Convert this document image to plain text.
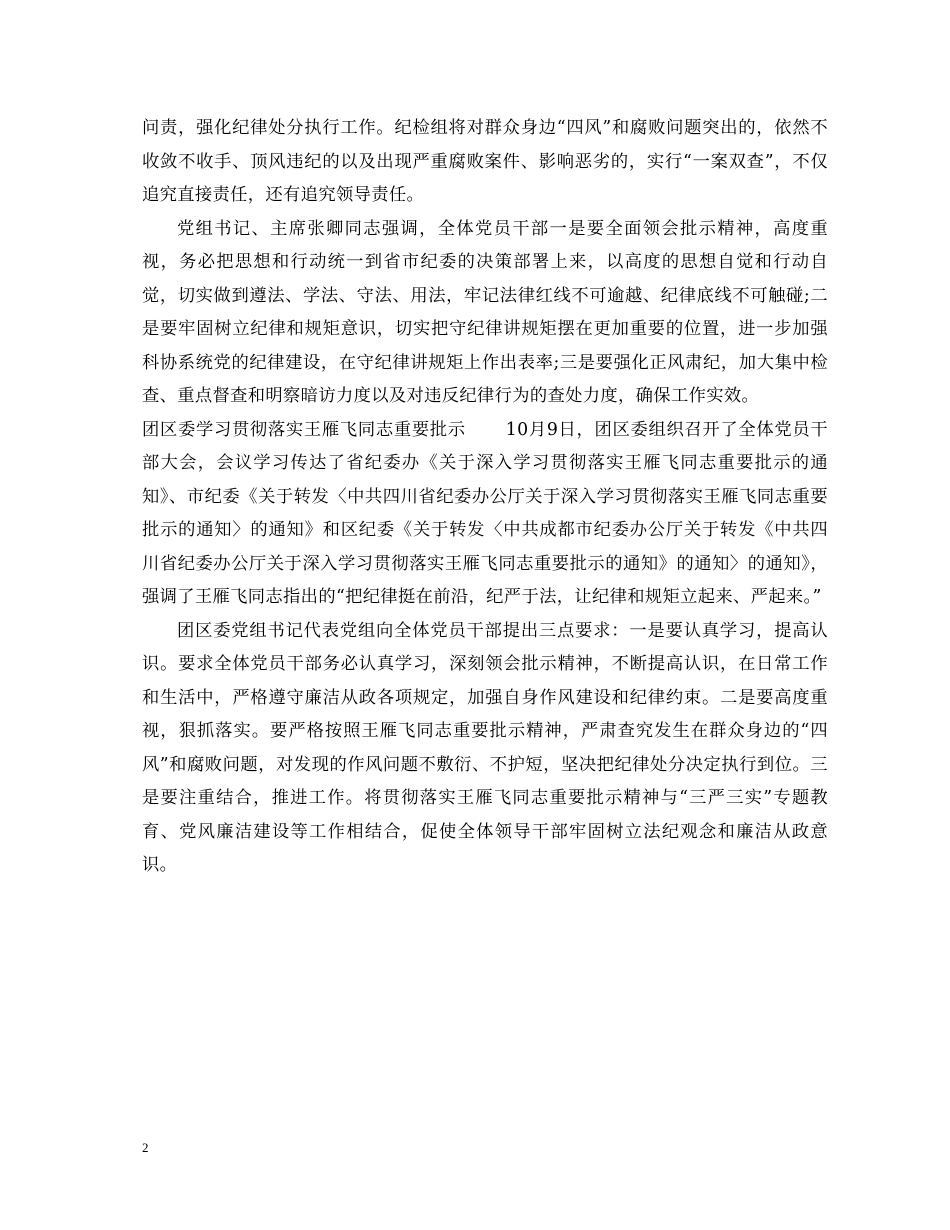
问责，强化纪律处分执行工作。纪检组将对群众身边“四风”和腐败问题突出的，依然不收敛不收手、顶风违纪的以及出现严重腐败案件、影响恶劣的，实行“一案双查”，不仅追究直接责任，还有追究领导责任。

党组书记、主席张卿同志强调，全体党员干部一是要全面领会批示精神，高度重视，务必把思想和行动统一到省市纪委的决策部署上来，以高度的思想自觉和行动自觉，切实做到遵法、学法、守法、用法，牢记法律红线不可逾越、纪律底线不可触碰;二是要牢固树立纪律和规矩意识，切实把守纪律讲规矩摆在更加重要的位置，进一步加强科协系统党的纪律建设，在守纪律讲规矩上作出表率;三是要强化正风肃纪，加大集中检查、重点督查和明察暗访力度以及对违反纪律行为的查处力度，确保工作实效。

团区委学习贯彻落实王雁飞同志重要批示 10月9日，团区委组织召开了全体党员干部大会，会议学习传达了省纪委办《关于深入学习贯彻落实王雁飞同志重要批示的通知》、市纪委《关于转发〈中共四川省纪委办公厅关于深入学习贯彻落实王雁飞同志重要批示的通知〉的通知》和区纪委《关于转发〈中共成都市纪委办公厅关于转发《中共四川省纪委办公厅关于深入学习贯彻落实王雁飞同志重要批示的通知》的通知〉的通知》，强调了王雁飞同志指出的“把纪律挺在前沿，纪严于法，让纪律和规矩立起来、严起来。”

团区委党组书记代表党组向全体党员干部提出三点要求：一是要认真学习，提高认识。要求全体党员干部务必认真学习，深刻领会批示精神，不断提高认识，在日常工作和生活中，严格遵守廉洁从政各项规定，加强自身作风建设和纪律约束。二是要高度重视，狠抓落实。要严格按照王雁飞同志重要批示精神，严肃查究发生在群众身边的“四风”和腐败问题，对发现的作风问题不敷衍、不护短，坚决把纪律处分决定执行到位。三是要注重结合，推进工作。将贯彻落实王雁飞同志重要批示精神与“三严三实”专题教育、党风廉洁建设等工作相结合，促使全体领导干部牢固树立法纪观念和廉洁从政意识。

2
